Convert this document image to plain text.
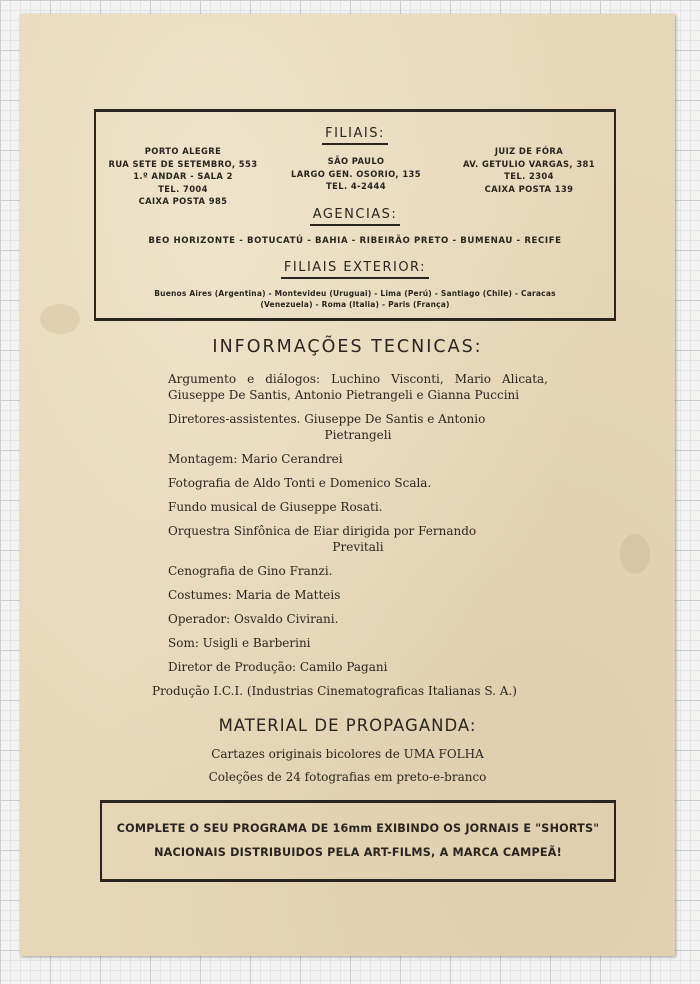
FILIAIS:
PORTO ALEGRE
RUA SETE DE SETEMBRO, 553
1.º ANDAR - SALA 2
TEL. 7004
CAIXA POSTA 985
SÃO PAULO
LARGO GEN. OSORIO, 135
TEL. 4-2444
JUIZ DE FÓRA
AV. GETULIO VARGAS, 381
TEL. 2304
CAIXA POSTA 139
AGENCIAS:
BEO HORIZONTE - BOTUCATÚ - BAHIA - RIBEIRÃO PRETO - BUMENAU - RECIFE
FILIAIS EXTERIOR:
Buenos Aires (Argentina) - Montevideu (Uruguai) - Lima (Perú) - Santiago (Chile) - Caracas
(Venezuela) - Roma (Italia) - Paris (França)
INFORMAÇÕES TECNICAS:
Argumento e diálogos: Luchino Visconti, Mario Alicata, Giuseppe De Santis, Antonio Pietrangeli e Gianna Puccini
Diretores-assistentes. Giuseppe De Santis e Antonio
Pietrangeli
Montagem: Mario Cerandrei
Fotografia de Aldo Tonti e Domenico Scala.
Fundo musical de Giuseppe Rosati.
Orquestra Sinfônica de Eiar dirigida por Fernando
Previtali
Cenografia de Gino Franzi.
Costumes: Maria de Matteis
Operador: Osvaldo Civirani.
Som: Usigli e Barberini
Diretor de Produção: Camilo Pagani
Produção I.C.I. (Industrias Cinematograficas Italianas S. A.)
MATERIAL DE PROPAGANDA:
Cartazes originais bicolores de UMA FOLHA
Coleções de 24 fotografias em preto-e-branco
COMPLETE O SEU PROGRAMA DE 16mm EXIBINDO OS JORNAIS E "SHORTS"
NACIONAIS DISTRIBUIDOS PELA ART-FILMS, A MARCA CAMPEÃ!
